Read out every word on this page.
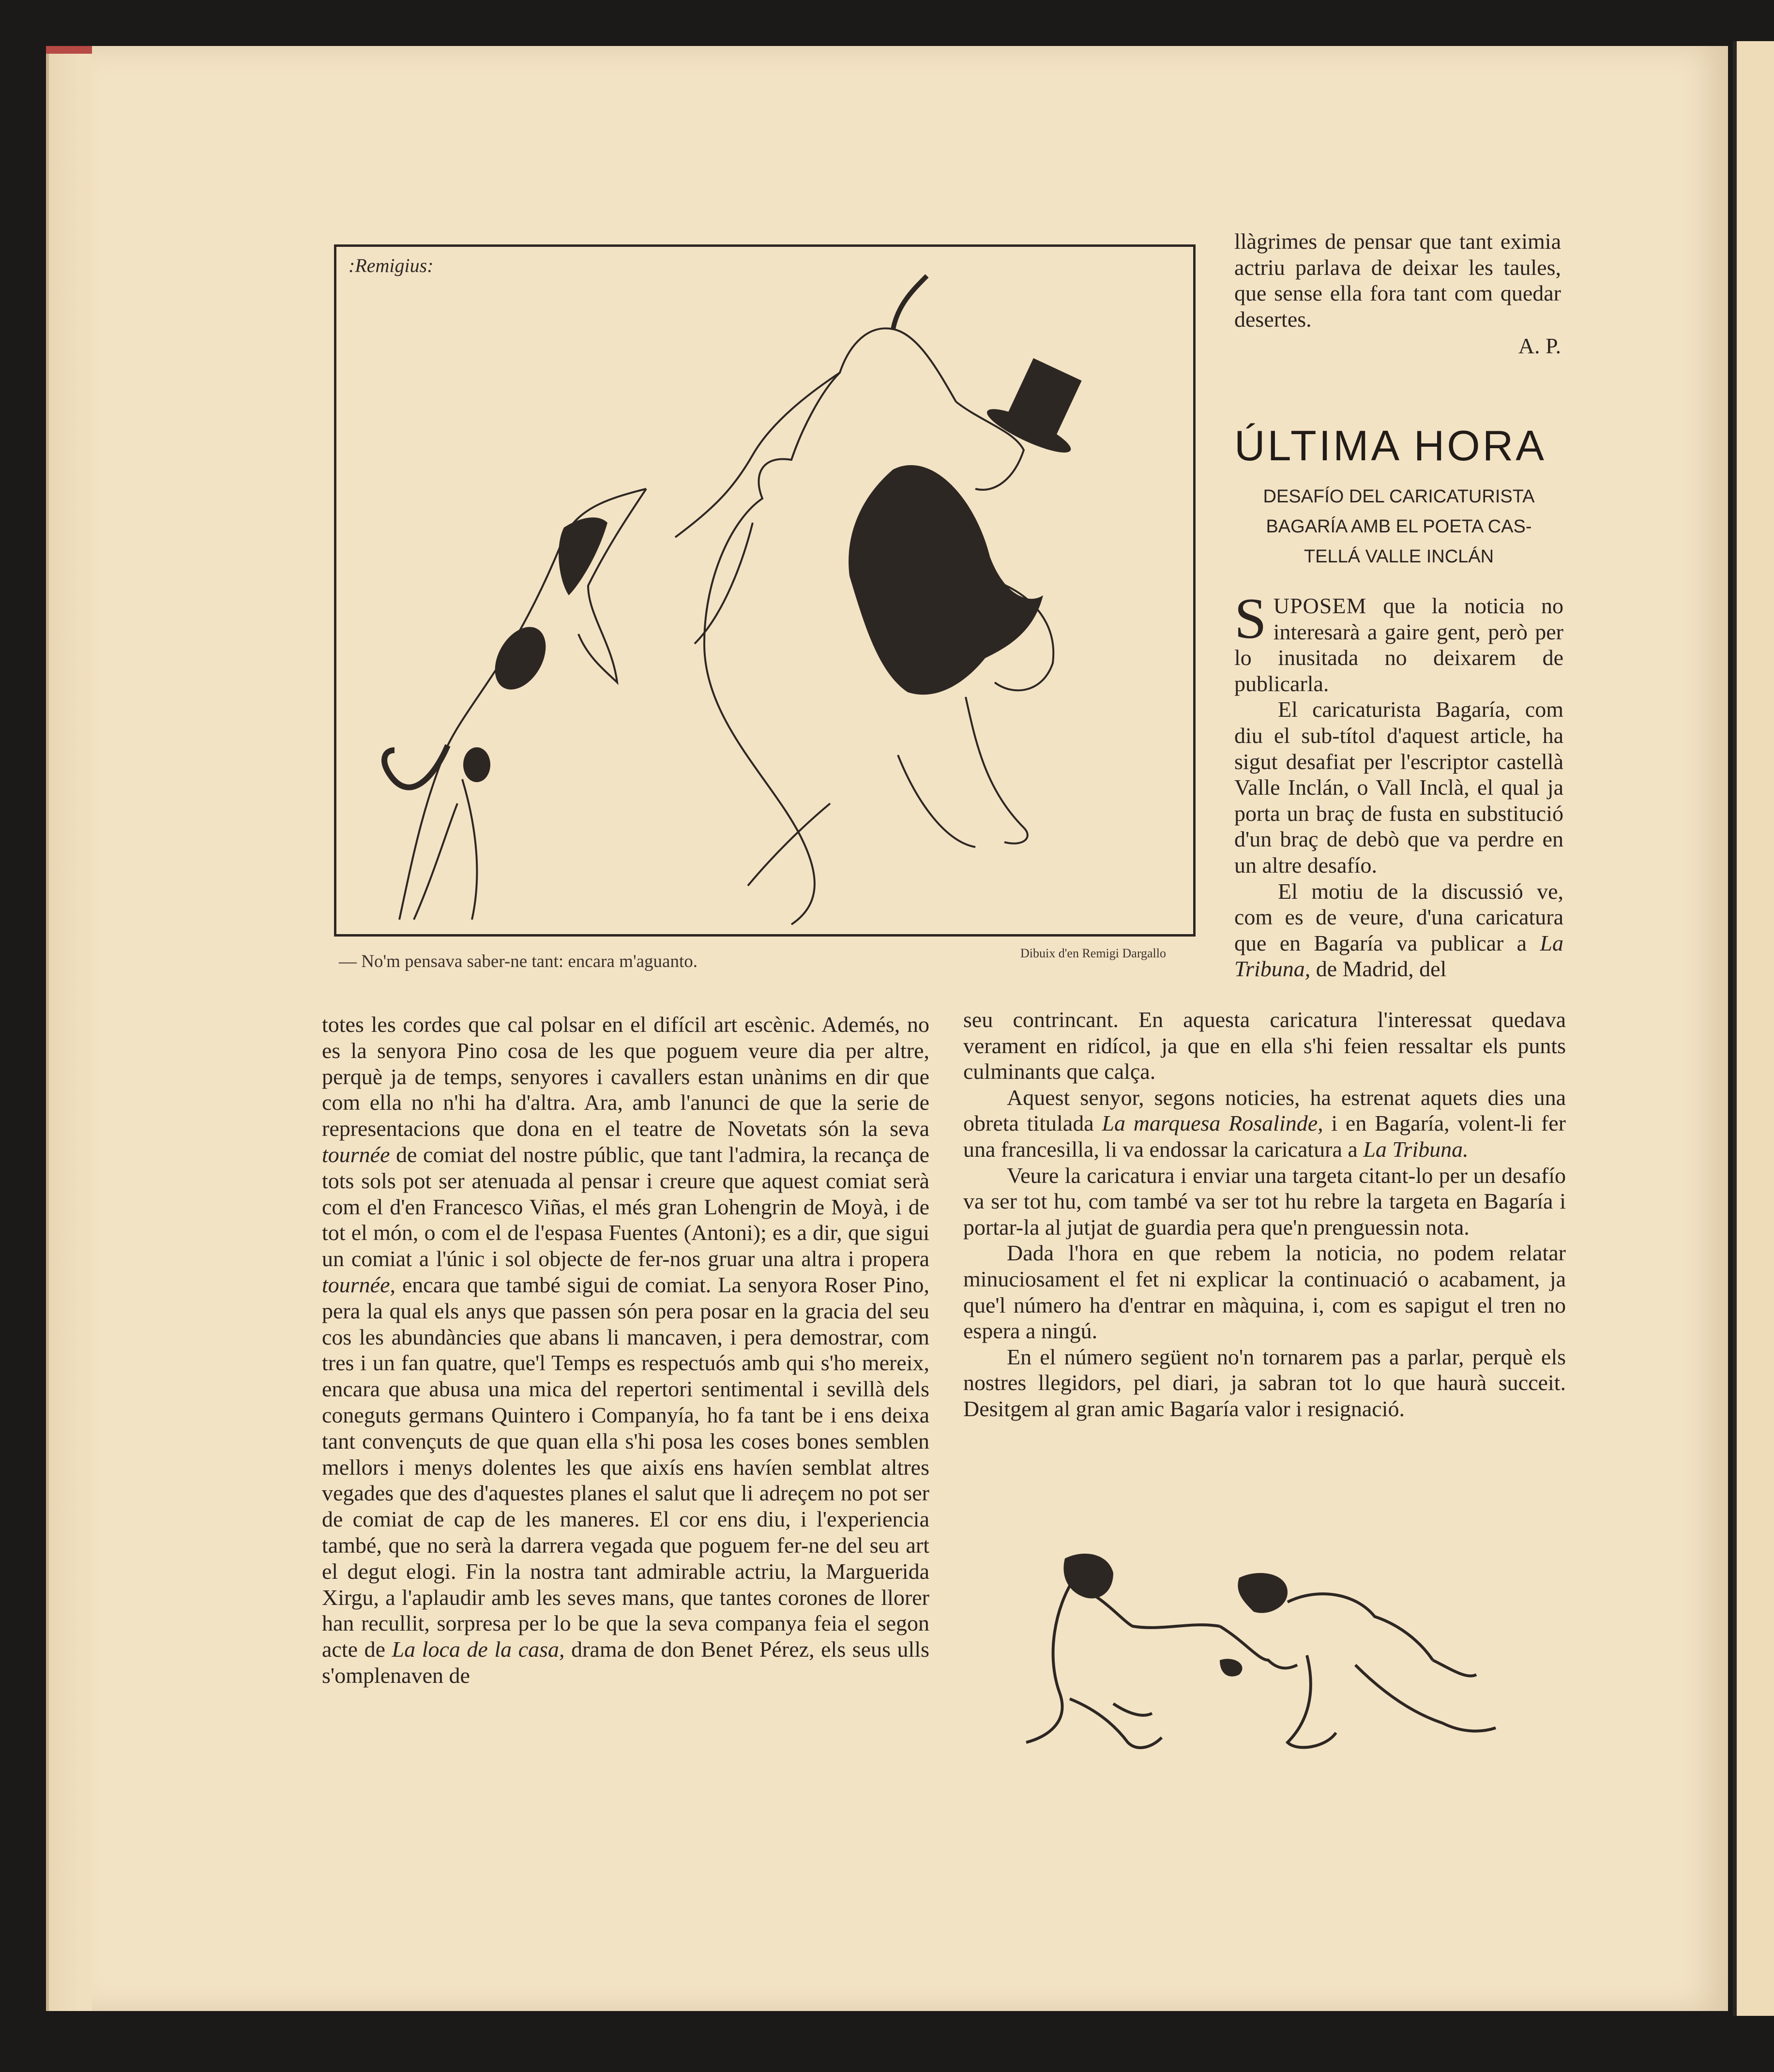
:Remigius:
— No'm pensava saber-ne tant: encara m'aguanto.	Dibuix d'en Remigi Dargallo
llàgrimes de pensar que tant eximia actriu parlava de deixar les taules, que sense ella fora tant com quedar desertes.
A. P.
ÚLTIMA HORA
DESAFÍO DEL CARICATURISTA
BAGARÍA AMB EL POETA CAS-
TELLÁ VALLE INCLÁN

SUPOSEM que la noticia no interesarà a gaire gent, però per lo inusitada no deixarem de publicarla.

El caricaturista Bagaría, com diu el sub-títol d'aquest article, ha sigut desafiat per l'escriptor castellà Valle Inclán, o Vall Inclà, el qual ja porta un braç de fusta en substitució d'un braç de debò que va perdre en un altre desafío.

El motiu de la discussió ve, com es de veure, d'una caricatura que en Bagaría va publicar a La Tribuna, de Madrid, del

seu contrincant. En aquesta caricatura l'interessat quedava verament en ridícol, ja que en ella s'hi feien ressaltar els punts culminants que calça.

Aquest senyor, segons noticies, ha estrenat aquets dies una obreta titulada La marquesa Rosalinde, i en Bagaría, volent-li fer una francesilla, li va endossar la caricatura a La Tribuna.

Veure la caricatura i enviar una targeta citant-lo per un desafío va ser tot hu, com també va ser tot hu rebre la targeta en Bagaría i portar-la al jutjat de guardia pera que'n prenguessin nota.

Dada l'hora en que rebem la noticia, no podem relatar minuciosament el fet ni explicar la continuació o acabament, ja que'l número ha d'entrar en màquina, i, com es sapigut el tren no espera a ningú.

En el número següent no'n tornarem pas a parlar, perquè els nostres llegidors, pel diari, ja sabran tot lo que haurà succeit. Desitgem al gran amic Bagaría valor i resignació.

totes les cordes que cal polsar en el difícil art escènic. Ademés, no es la senyora Pino cosa de les que poguem veure dia per altre, perquè ja de temps, senyores i cavallers estan unànims en dir que com ella no n'hi ha d'altra. Ara, amb l'anunci de que la serie de representacions que dona en el teatre de Novetats són la seva tournée de comiat del nostre públic, que tant l'admira, la recança de tots sols pot ser atenuada al pensar i creure que aquest comiat serà com el d'en Francesco Viñas, el més gran Lohengrin de Moyà, i de tot el món, o com el de l'espasa Fuentes (Antoni); es a dir, que sigui un comiat a l'únic i sol objecte de fer-nos gruar una altra i propera tournée, encara que també sigui de comiat. La senyora Roser Pino, pera la qual els anys que passen són pera posar en la gracia del seu cos les abundàncies que abans li mancaven, i pera demostrar, com tres i un fan quatre, que'l Temps es respectuós amb qui s'ho mereix, encara que abusa una mica del repertori sentimental i sevillà dels coneguts germans Quintero i Companyía, ho fa tant be i ens deixa tant convençuts de que quan ella s'hi posa les coses bones semblen mellors i menys dolentes les que aixís ens havíen semblat altres vegades que des d'aquestes planes el salut que li adreçem no pot ser de comiat de cap de les maneres. El cor ens diu, i l'experiencia també, que no serà la darrera vegada que poguem fer-ne del seu art el degut elogi. Fin la nostra tant admirable actriu, la Marguerida Xirgu, a l'aplaudir amb les seves mans, que tantes corones de llorer han recullit, sorpresa per lo be que la seva companya feia el segon acte de La loca de la casa, drama de don Benet Pérez, els seus ulls s'omplenaven de
